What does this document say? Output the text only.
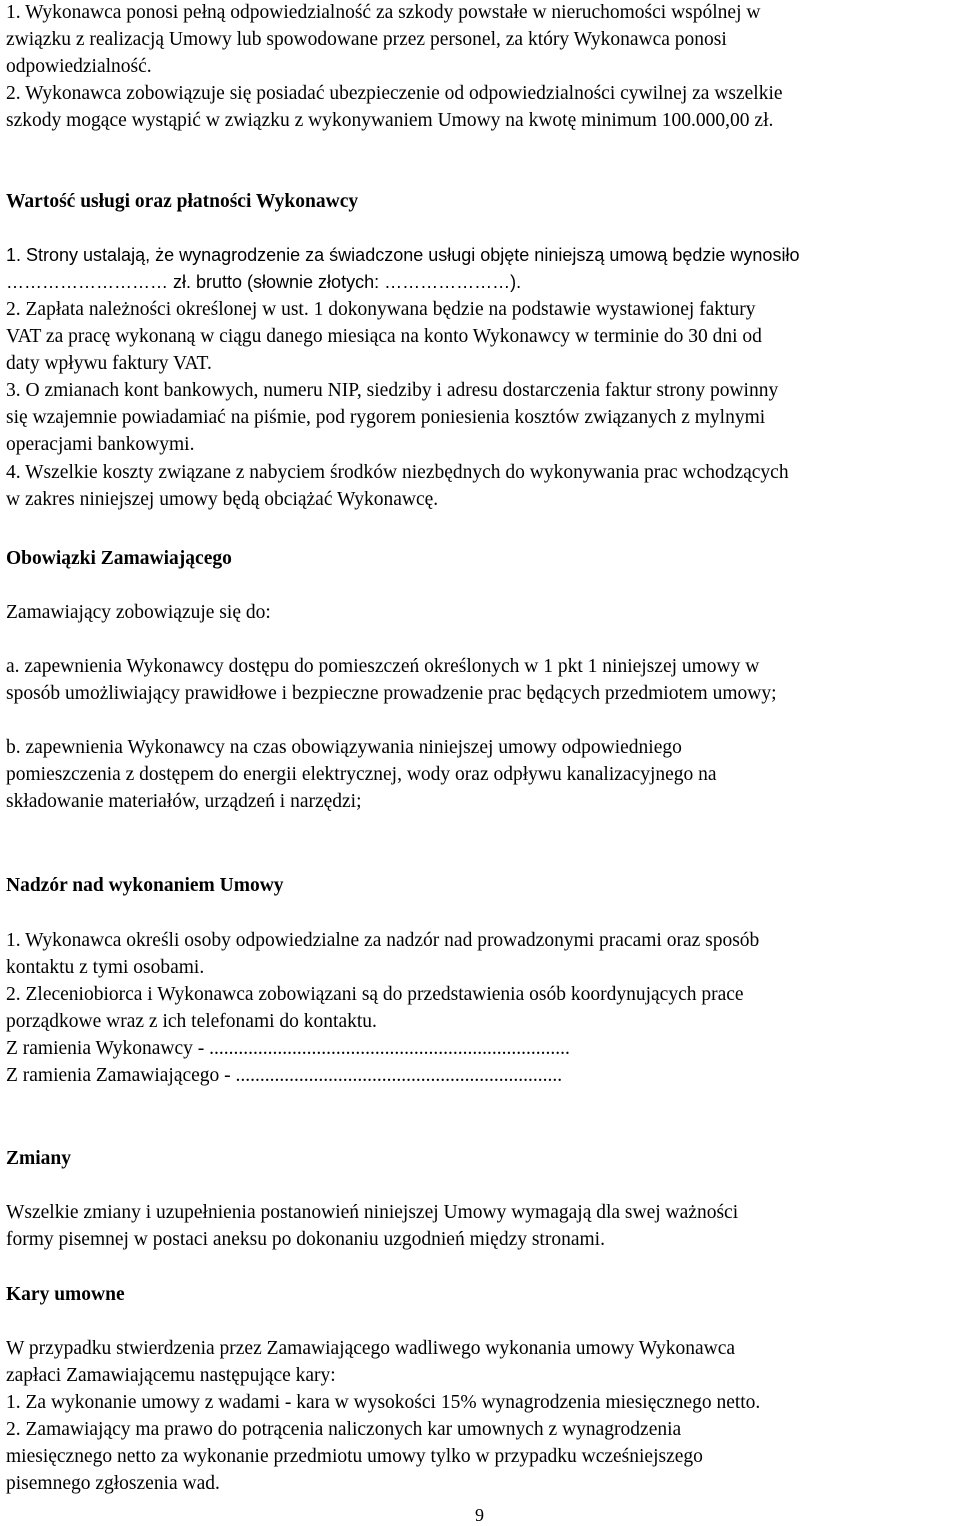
1. Wykonawca ponosi pełną odpowiedzialność za szkody powstałe w nieruchomości wspólnej w
związku z realizacją Umowy lub spowodowane przez personel, za który Wykonawca ponosi
odpowiedzialność.
2. Wykonawca zobowiązuje się posiadać ubezpieczenie od odpowiedzialności cywilnej za wszelkie
szkody mogące wystąpić w związku z wykonywaniem Umowy na kwotę minimum 100.000,00 zł.
Wartość usługi oraz płatności Wykonawcy
1. Strony ustalają, że wynagrodzenie za świadczone usługi objęte niniejszą umową będzie wynosiło
……………………… zł. brutto (słownie złotych: …………………).
2. Zapłata należności określonej w ust. 1 dokonywana będzie na podstawie wystawionej faktury
VAT za pracę wykonaną w ciągu danego miesiąca na konto Wykonawcy w terminie do 30 dni od
daty wpływu faktury VAT.
3. O zmianach kont bankowych, numeru NIP, siedziby i adresu dostarczenia faktur strony powinny
się wzajemnie powiadamiać na piśmie, pod rygorem poniesienia kosztów związanych z mylnymi
operacjami bankowymi.
4. Wszelkie koszty związane z nabyciem środków niezbędnych do wykonywania prac wchodzących
w zakres niniejszej umowy będą obciążać Wykonawcę.
Obowiązki Zamawiającego
Zamawiający zobowiązuje się do:
a. zapewnienia Wykonawcy dostępu do pomieszczeń określonych w 1 pkt 1 niniejszej umowy w
sposób umożliwiający prawidłowe i bezpieczne prowadzenie prac będących przedmiotem umowy;
b. zapewnienia Wykonawcy na czas obowiązywania niniejszej umowy odpowiedniego
pomieszczenia z dostępem do energii elektrycznej, wody oraz odpływu kanalizacyjnego na
składowanie materiałów, urządzeń i narzędzi;
Nadzór nad wykonaniem Umowy
1. Wykonawca określi osoby odpowiedzialne za nadzór nad prowadzonymi pracami oraz sposób
kontaktu z tymi osobami.
2. Zleceniobiorca i Wykonawca zobowiązani są do przedstawienia osób koordynujących prace
porządkowe wraz z ich telefonami do kontaktu.
Z ramienia Wykonawcy - ..........................................................................
Z ramienia Zamawiającego - ...................................................................
Zmiany
Wszelkie zmiany i uzupełnienia postanowień niniejszej Umowy wymagają dla swej ważności
formy pisemnej w postaci aneksu po dokonaniu uzgodnień między stronami.
Kary umowne
W przypadku stwierdzenia przez Zamawiającego wadliwego wykonania umowy Wykonawca
zapłaci Zamawiającemu następujące kary:
1. Za wykonanie umowy z wadami - kara w wysokości 15% wynagrodzenia miesięcznego netto.
2. Zamawiający ma prawo do potrącenia naliczonych kar umownych z wynagrodzenia
miesięcznego netto za wykonanie przedmiotu umowy tylko w przypadku wcześniejszego
pisemnego zgłoszenia wad.
9
